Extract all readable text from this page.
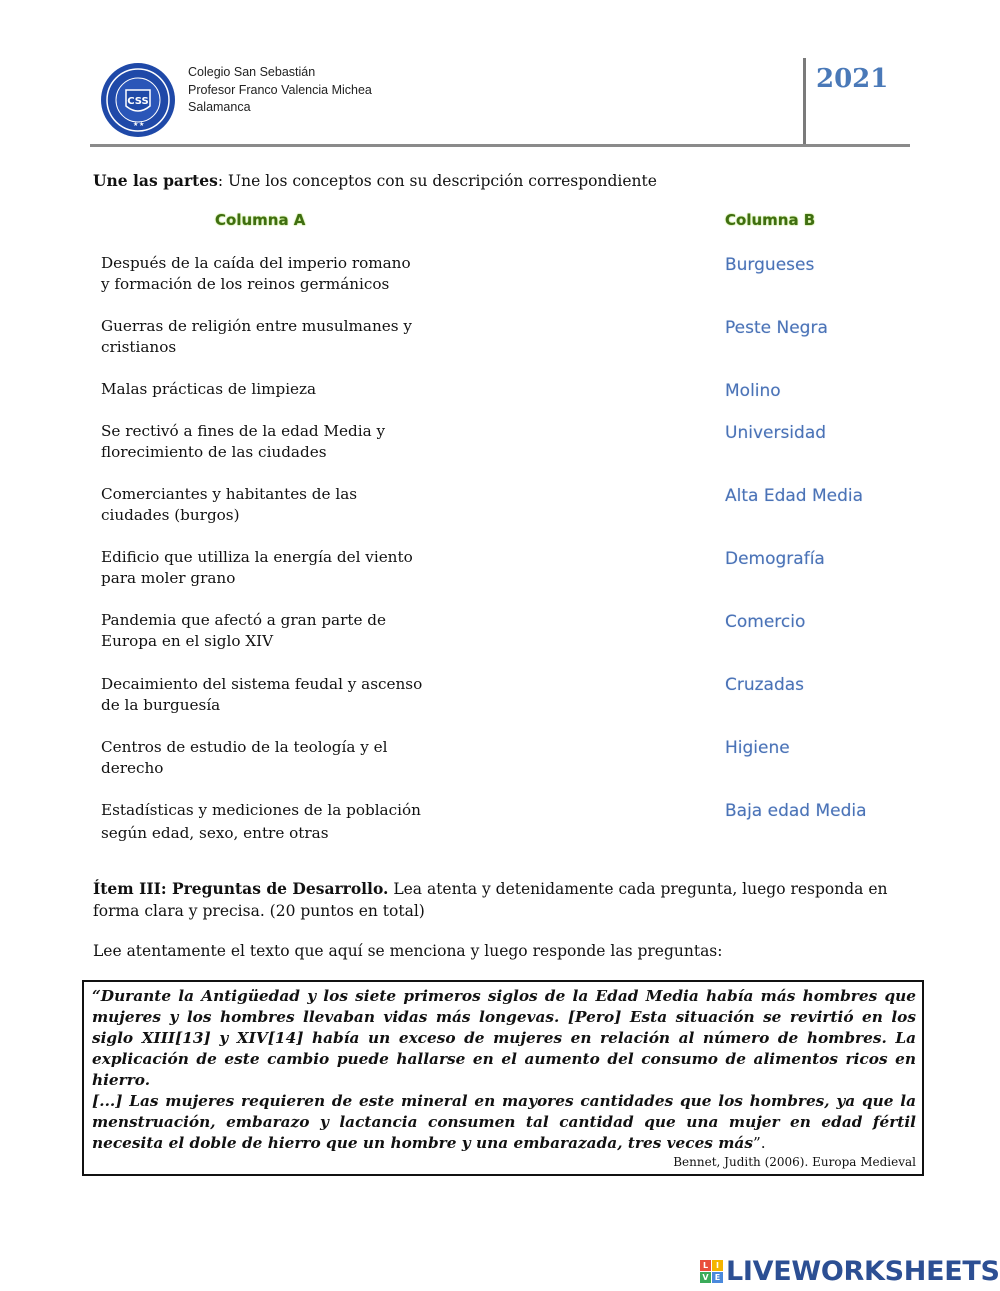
CSS
★ ★
Colegio San Sebastián
Profesor Franco Valencia Michea
Salamanca
2021
Une las partes: Une los conceptos con su descripción correspondiente
Columna A	Columna B
Después de la caída del imperio romano
y formación de los reinos germánicos
Guerras de religión entre musulmanes y
cristianos
Malas prácticas de limpieza
Se rectivó a fines de la edad Media y
florecimiento de las ciudades
Comerciantes y habitantes de las
ciudades (burgos)
Edificio que utilliza la energía del viento
para moler grano
Pandemia que afectó a gran parte de
Europa en el siglo XIV
Decaimiento del sistema feudal y ascenso
de la burguesía
Centros de estudio de la teología y el
derecho
Estadísticas y mediciones de la población
según edad, sexo, entre otras
Burgueses
Peste Negra
Molino
Universidad
Alta Edad Media
Demografía
Comercio
Cruzadas
Higiene
Baja edad Media
Ítem III: Preguntas de Desarrollo. Lea atenta y detenidamente cada pregunta, luego responda en forma clara y precisa. (20 puntos en total)
Lee atentamente el texto que aquí se menciona y luego responde las preguntas:
“Durante la Antigüedad y los siete primeros siglos de la Edad Media había más hombres que mujeres y los hombres llevaban vidas más longevas. [Pero] Esta situación se revirtió en los siglo XIII[13] y XIV[14] había un exceso de mujeres en relación al número de hombres. La explicación de este cambio puede hallarse en el aumento del consumo de alimentos ricos en hierro.
[...] Las mujeres requieren de este mineral en mayores cantidades que los hombres, ya que la menstruación, embarazo y lactancia consumen tal cantidad que una mujer en edad fértil necesita el doble de hierro que un hombre y una embarazada, tres veces más”.
Bennet, Judith (2006). Europa Medieval
L I
V E LIVEWORKSHEETS
